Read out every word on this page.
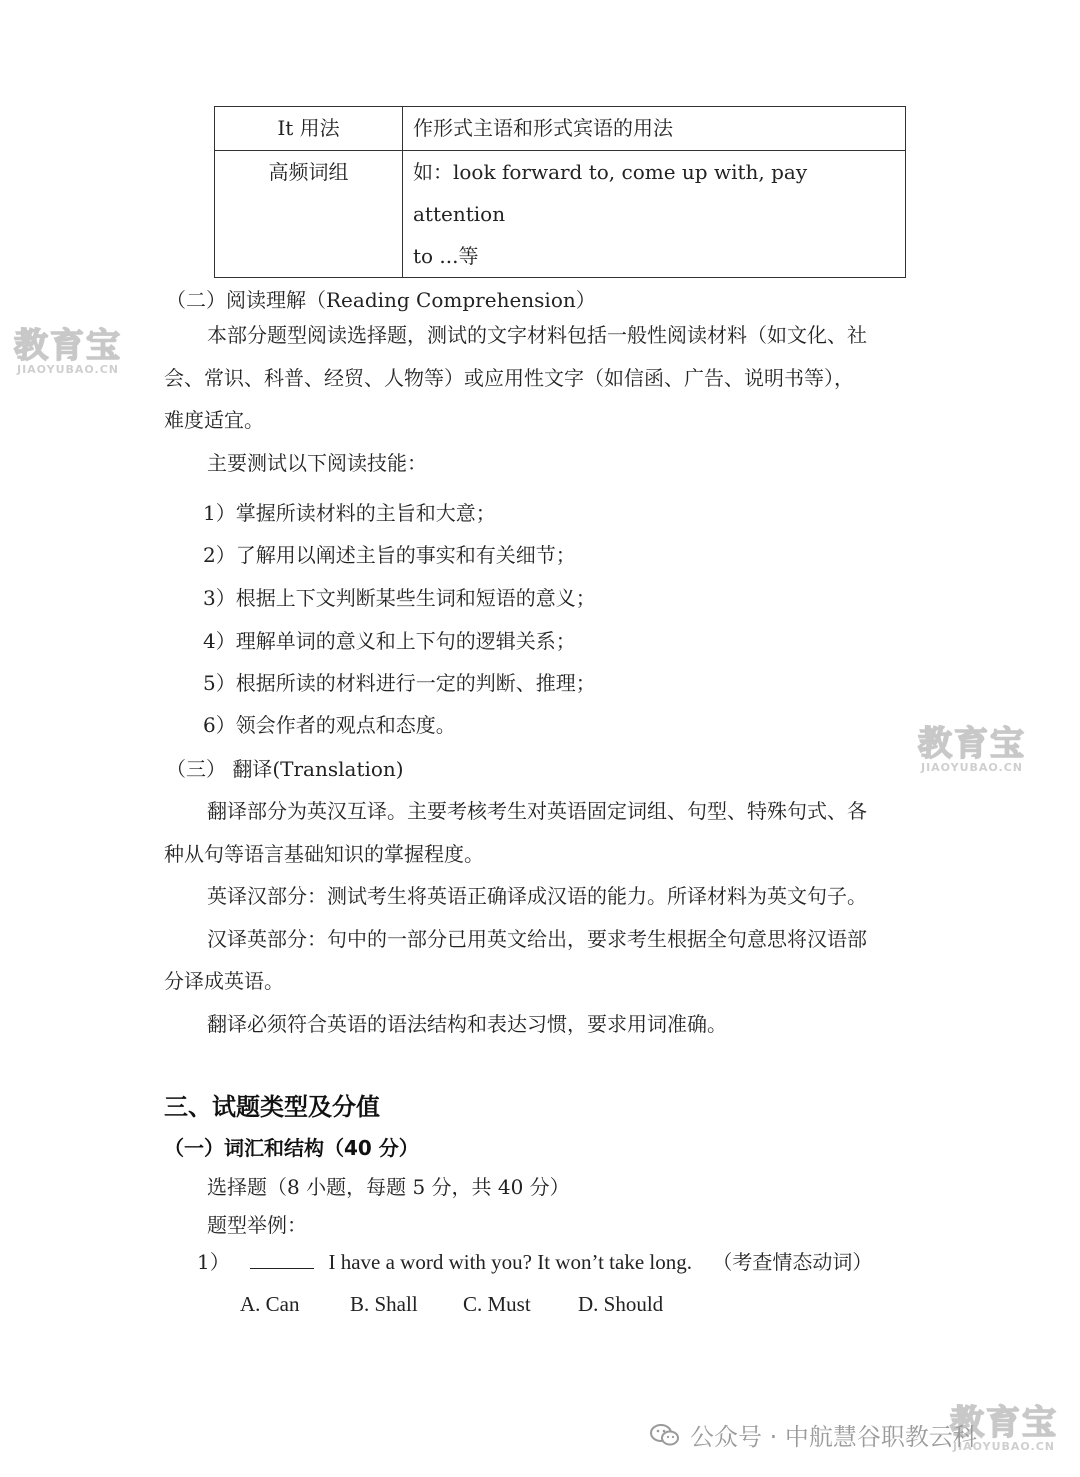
It 用法	作形式主语和形式宾语的用法
高频词组	如：look forward to, come up with, pay attention
to ...等
（二）阅读理解（Reading Comprehension）
本部分题型阅读选择题，测试的文字材料包括一般性阅读材料（如文化、社
会、常识、科普、经贸、人物等）或应用性文字（如信函、广告、说明书等），
难度适宜。
主要测试以下阅读技能：
1）掌握所读材料的主旨和大意；
2）了解用以阐述主旨的事实和有关细节；
3）根据上下文判断某些生词和短语的意义；
4）理解单词的意义和上下句的逻辑关系；
5）根据所读的材料进行一定的判断、推理；
6）领会作者的观点和态度。
（三） 翻译(Translation)
翻译部分为英汉互译。主要考核考生对英语固定词组、句型、特殊句式、各
种从句等语言基础知识的掌握程度。
英译汉部分：测试考生将英语正确译成汉语的能力。所译材料为英文句子。
汉译英部分：句中的一部分已用英文给出，要求考生根据全句意思将汉语部
分译成英语。
翻译必须符合英语的语法结构和表达习惯，要求用词准确。
三、试题类型及分值
（一）词汇和结构（40 分）
选择题（8 小题，每题 5 分，共 40 分）
题型举例：
1）	I have a word with you? It won’t take long. （考查情态动词）
A. Can B. Shall C. Must D. Should
教育宝
JIAOYUBAO.CN
教育宝
JIAOYUBAO.CN
教育宝
JIAOYUBAO.CN
公众号 · 中航慧谷职教云科
